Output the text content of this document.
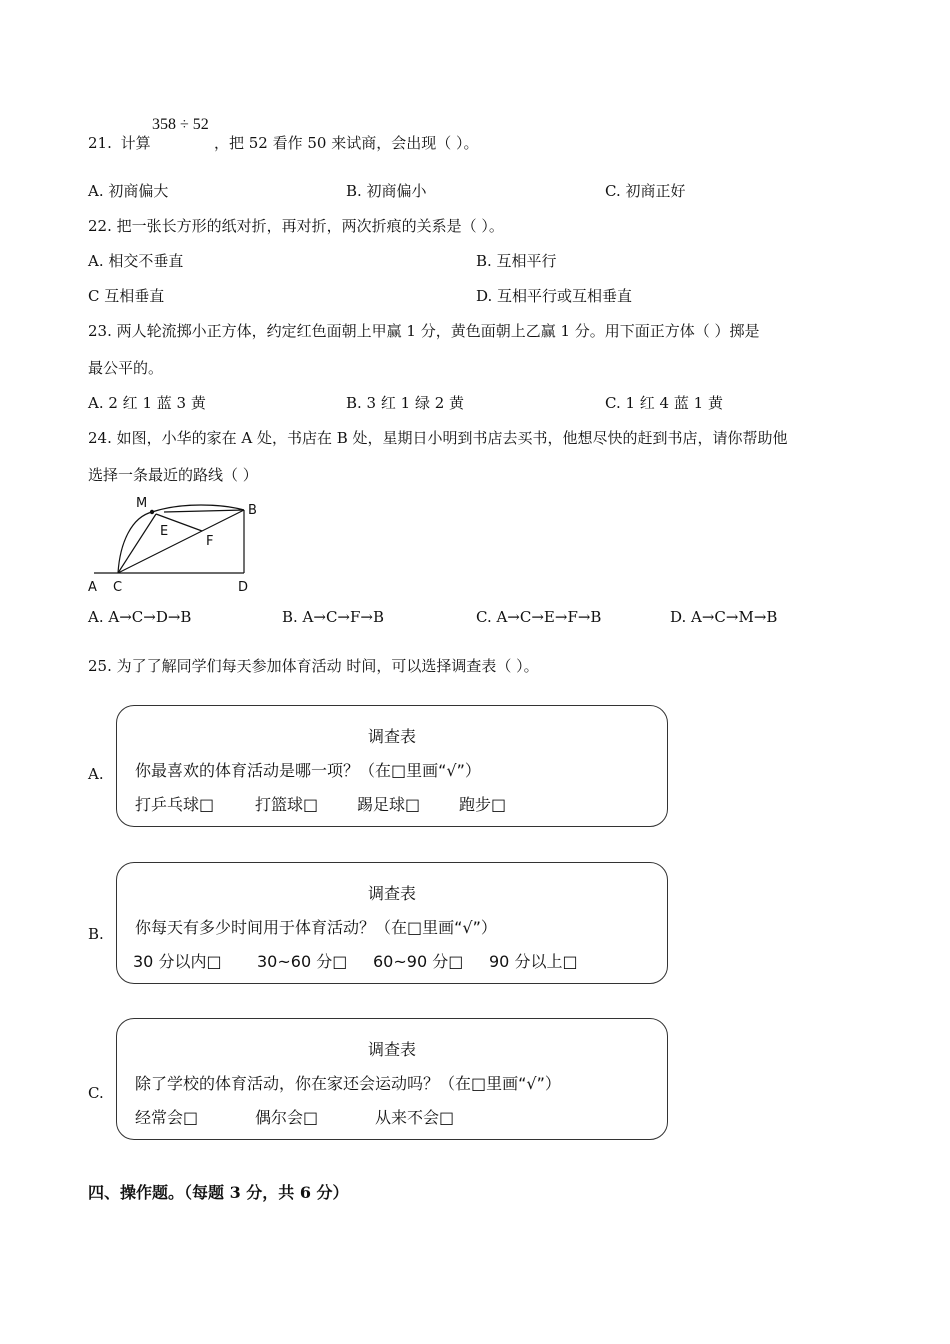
21. 计算
358 ÷ 52
，把 52 看作 50 来试商，会出现（ ）。
A. 初商偏大	B. 初商偏小	C. 初商正好
22. 把一张长方形的纸对折，再对折，两次折痕的关系是（ ）。
A. 相交不垂直	B. 互相平行
C 互相垂直	D. 互相平行或互相垂直
23. 两人轮流掷小正方体，约定红色面朝上甲赢 1 分，黄色面朝上乙赢 1 分。用下面正方体（ ）掷是
最公平的。
A. 2 红 1 蓝 3 黄	B. 3 红 1 绿 2 黄	C. 1 红 4 蓝 1 黄
24. 如图，小华的家在 A 处，书店在 B 处，星期日小明到书店去买书，他想尽快的赶到书店，请你帮助他
选择一条最近的路线（ ）
M	B
E
F
A C	D
A. A→C→D→B	B. A→C→F→B	C. A→C→E→F→B	D. A→C→M→B
25. 为了了解同学们每天参加体育活动 时间，可以选择调查表（ ）。
A.
调查表
你最喜欢的体育活动是哪一项？（在□里画“√”）
打乒乓球□	打篮球□ 踢足球□ 跑步□
B.
调查表
你每天有多少时间用于体育活动？（在□里画“√”）
30 分以内□ 30~60 分□ 60~90 分□ 90 分以上□
C.
调查表
除了学校的体育活动，你在家还会运动吗？（在□里画“√”）
经常会□	偶尔会□	从来不会□
四、操作题。（每题 3 分，共 6 分）
